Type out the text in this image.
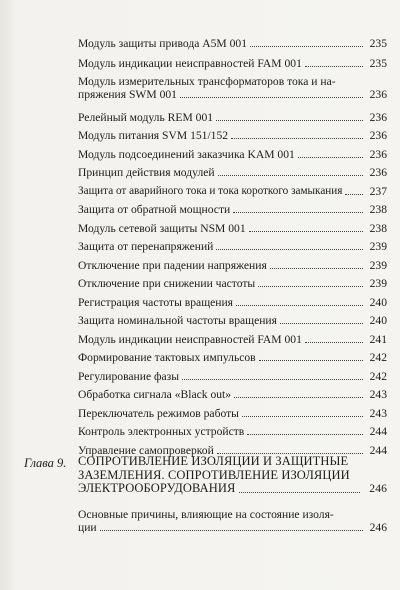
Модуль защиты привода A5M 001	235
Модуль индикации неисправностей FAM 001	235
Модуль измерительных трансформаторов тока и на-
пряжения SWM 001	236
Релейный модуль REM 001	236
Модуль питания SVM 151/152	236
Модуль подсоединений заказчика KAM 001	236
Принцип действия модулей	236
Защита от аварийного тока и тока короткого замыкания	237
Защита от обратной мощности	238
Модуль сетевой защиты NSM 001	238
Защита от перенапряжений	239
Отключение при падении напряжения	239
Отключение при снижении частоты	239
Регистрация частоты вращения	240
Защита номинальной частоты вращения	240
Модуль индикации неисправностей FAM 001	241
Формирование тактовых импульсов	242
Регулирование фазы	242
Обработка сигнала «Black out»	243
Переключатель режимов работы	243
Контроль электронных устройств	244
Управление самопроверкой	244
Глава 9. СОПРОТИВЛЕНИЕ ИЗОЛЯЦИИ И ЗАЩИТНЫЕ
ЗАЗЕМЛЕНИЯ. СОПРОТИВЛЕНИЕ ИЗОЛЯЦИИ
ЭЛЕКТРООБОРУДОВАНИЯ	246
Основные причины, влияющие на состояние изоля-
ции	246
